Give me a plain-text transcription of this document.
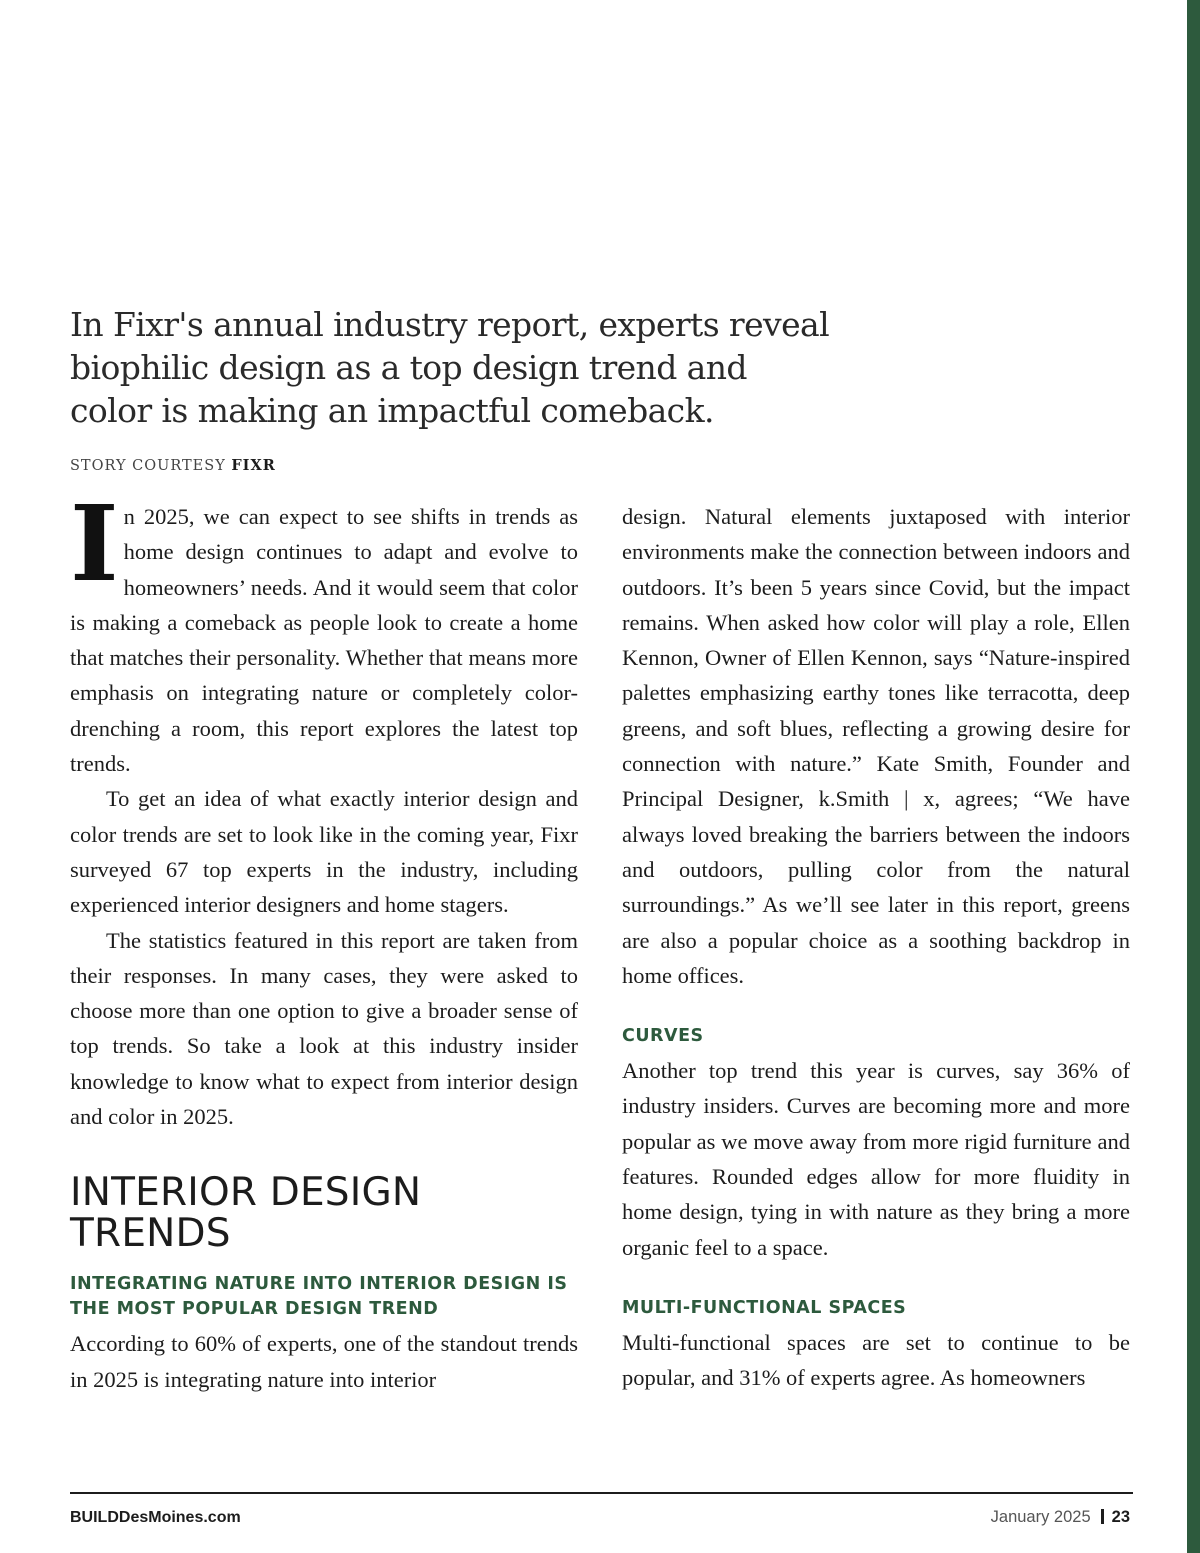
In Fixr's annual industry report, experts reveal
biophilic design as a top design trend and
color is making an impactful comeback.

STORY COURTESY FIXR

In 2025, we can expect to see shifts in trends as home design continues to adapt and evolve to homeowners’ needs. And it would seem that color is making a comeback as people look to create a home that matches their personality. Whether that means more emphasis on integrating nature or completely color-drenching a room, this report explores the latest top trends.

To get an idea of what exactly interior design and color trends are set to look like in the coming year, Fixr surveyed 67 top experts in the industry, including experienced interior designers and home stagers.

The statistics featured in this report are taken from their responses. In many cases, they were asked to choose more than one option to give a broader sense of top trends. So take a look at this industry insider knowledge to know what to expect from interior design and color in 2025.

INTERIOR DESIGN
TRENDS
INTEGRATING NATURE INTO INTERIOR DESIGN IS THE MOST POPULAR DESIGN TREND

According to 60% of experts, one of the standout trends in 2025 is integrating nature into interior

design. Natural elements juxtaposed with interior environments make the connection between indoors and outdoors. It’s been 5 years since Covid, but the impact remains. When asked how color will play a role, Ellen Kennon, Owner of Ellen Kennon, says “Nature-inspired palettes emphasizing earthy tones like terracotta, deep greens, and soft blues, reflecting a growing desire for connection with nature.” Kate Smith, Founder and Principal Designer, k.Smith | x, agrees; “We have always loved breaking the barriers between the indoors and outdoors, pulling color from the natural surroundings.” As we’ll see later in this report, greens are also a popular choice as a soothing backdrop in home offices.

CURVES

Another top trend this year is curves, say 36% of industry insiders. Curves are becoming more and more popular as we move away from more rigid furniture and features. Rounded edges allow for more fluidity in home design, tying in with nature as they bring a more organic feel to a space.

MULTI-FUNCTIONAL SPACES

Multi-functional spaces are set to continue to be popular, and 31% of experts agree. As homeowners

BUILDDesMoines.com	January 2025 23
